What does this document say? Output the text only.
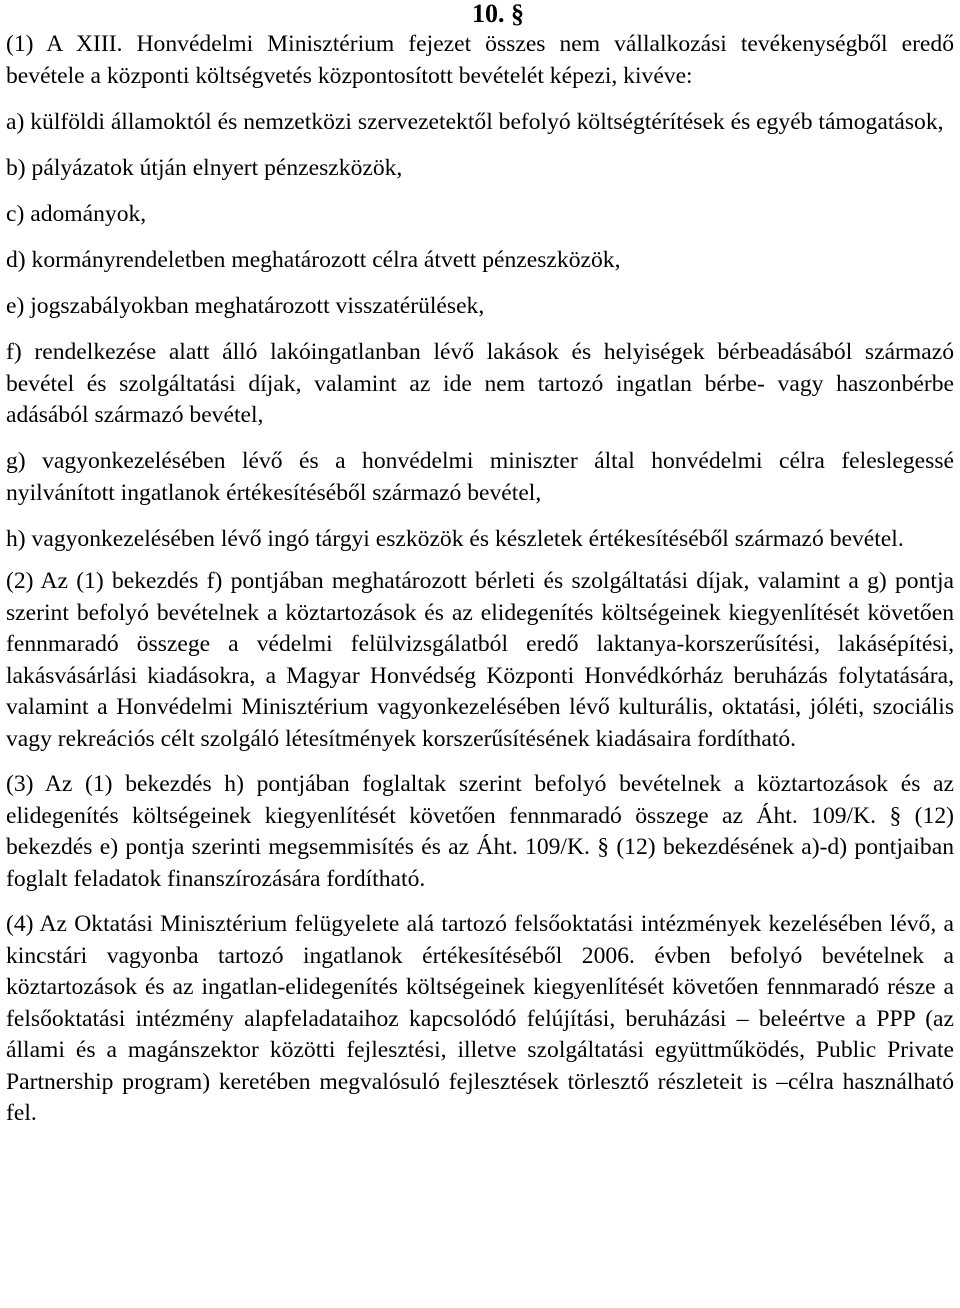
10. §

(1) A XIII. Honvédelmi Minisztérium fejezet összes nem vállalkozási tevékenységből eredő bevétele a központi költségvetés központosított bevételét képezi, kivéve:

a) külföldi államoktól és nemzetközi szervezetektől befolyó költségtérítések és egyéb támogatások,

b) pályázatok útján elnyert pénzeszközök,

c) adományok,

d) kormányrendeletben meghatározott célra átvett pénzeszközök,

e) jogszabályokban meghatározott visszatérülések,

f) rendelkezése alatt álló lakóingatlanban lévő lakások és helyiségek bérbeadásából származó bevétel és szolgáltatási díjak, valamint az ide nem tartozó ingatlan bérbe- vagy haszonbérbe adásából származó bevétel,

g) vagyonkezelésében lévő és a honvédelmi miniszter által honvédelmi célra feleslegessé nyilvánított ingatlanok értékesítéséből származó bevétel,

h) vagyonkezelésében lévő ingó tárgyi eszközök és készletek értékesítéséből származó bevétel.

(2) Az (1) bekezdés f) pontjában meghatározott bérleti és szolgáltatási díjak, valamint a g) pontja szerint befolyó bevételnek a köztartozások és az elidegenítés költségeinek kiegyenlítését követően fennmaradó összege a védelmi felülvizsgálatból eredő laktanya-korszerűsítési, lakásépítési, lakásvásárlási kiadásokra, a Magyar Honvédség Központi Honvédkórház beruházás folytatására, valamint a Honvédelmi Minisztérium vagyonkezelésében lévő kulturális, oktatási, jóléti, szociális vagy rekreációs célt szolgáló létesítmények korszerűsítésének kiadásaira fordítható.

(3) Az (1) bekezdés h) pontjában foglaltak szerint befolyó bevételnek a köztartozások és az elidegenítés költségeinek kiegyenlítését követően fennmaradó összege az Áht. 109/K. § (12) bekezdés e) pontja szerinti megsemmisítés és az Áht. 109/K. § (12) bekezdésének a)-d) pontjaiban foglalt feladatok finanszírozására fordítható.

(4) Az Oktatási Minisztérium felügyelete alá tartozó felsőoktatási intézmények kezelésében lévő, a kincstári vagyonba tartozó ingatlanok értékesítéséből 2006. évben befolyó bevételnek a köztartozások és az ingatlan-elidegenítés költségeinek kiegyenlítését követően fennmaradó része a felsőoktatási intézmény alapfeladataihoz kapcsolódó felújítási, beruházási – beleértve a PPP (az állami és a magánszektor közötti fejlesztési, illetve szolgáltatási együttműködés, Public Private Partnership program) keretében megvalósuló fejlesztések törlesztő részleteit is –célra használható fel.
